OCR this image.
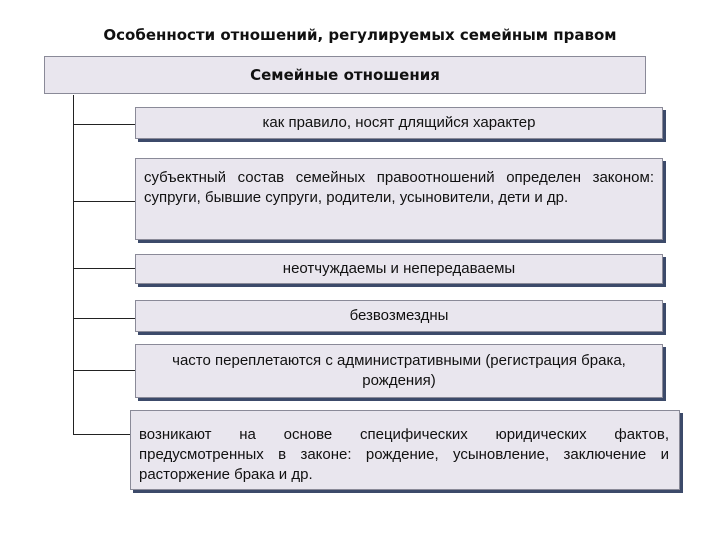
Особенности отношений, регулируемых семейным правом
Семейные отношения
как правило, носят длящийся характер
субъектный состав семейных правоотношений определен законом: супруги, бывшие супруги, родители, усыновители, дети и др.
неотчуждаемы и непередаваемы
безвозмездны
часто переплетаются с административными (регистрация брака, рождения)
возникают на основе специфических юридических фактов, предусмотренных в законе: рождение, усыновление, заключение и расторжение брака и др.
